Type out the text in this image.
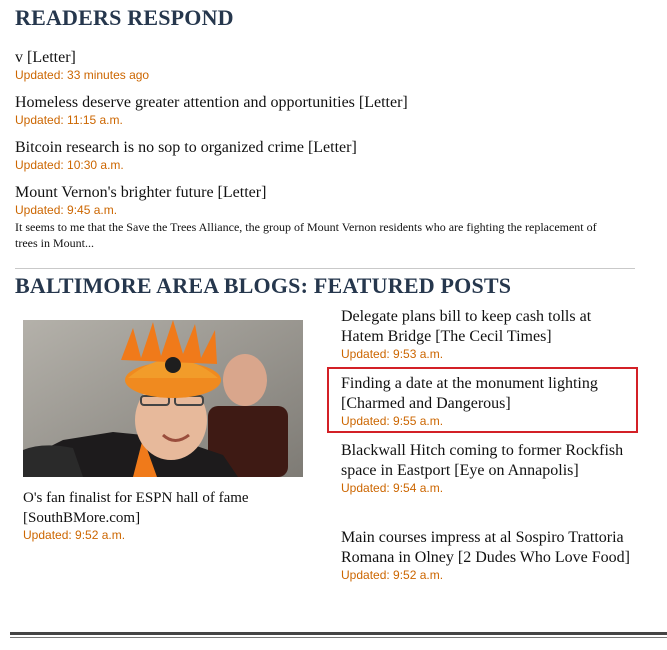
READERS RESPOND
v [Letter]
Updated: 33 minutes ago
Homeless deserve greater attention and opportunities [Letter]
Updated: 11:15 a.m.
Bitcoin research is no sop to organized crime [Letter]
Updated: 10:30 a.m.
Mount Vernon's brighter future [Letter]
Updated: 9:45 a.m.
It seems to me that the Save the Trees Alliance, the group of Mount Vernon residents who are fighting the replacement of trees in Mount...
BALTIMORE AREA BLOGS: FEATURED POSTS
O's fan finalist for ESPN hall of fame [SouthBMore.com]
Updated: 9:52 a.m.
Delegate plans bill to keep cash tolls at Hatem Bridge [The Cecil Times]
Updated: 9:53 a.m.
Finding a date at the monument lighting [Charmed and Dangerous]
Updated: 9:55 a.m.
Blackwall Hitch coming to former Rockfish space in Eastport [Eye on Annapolis]
Updated: 9:54 a.m.
Main courses impress at al Sospiro Trattoria Romana in Olney [2 Dudes Who Love Food]
Updated: 9:52 a.m.
